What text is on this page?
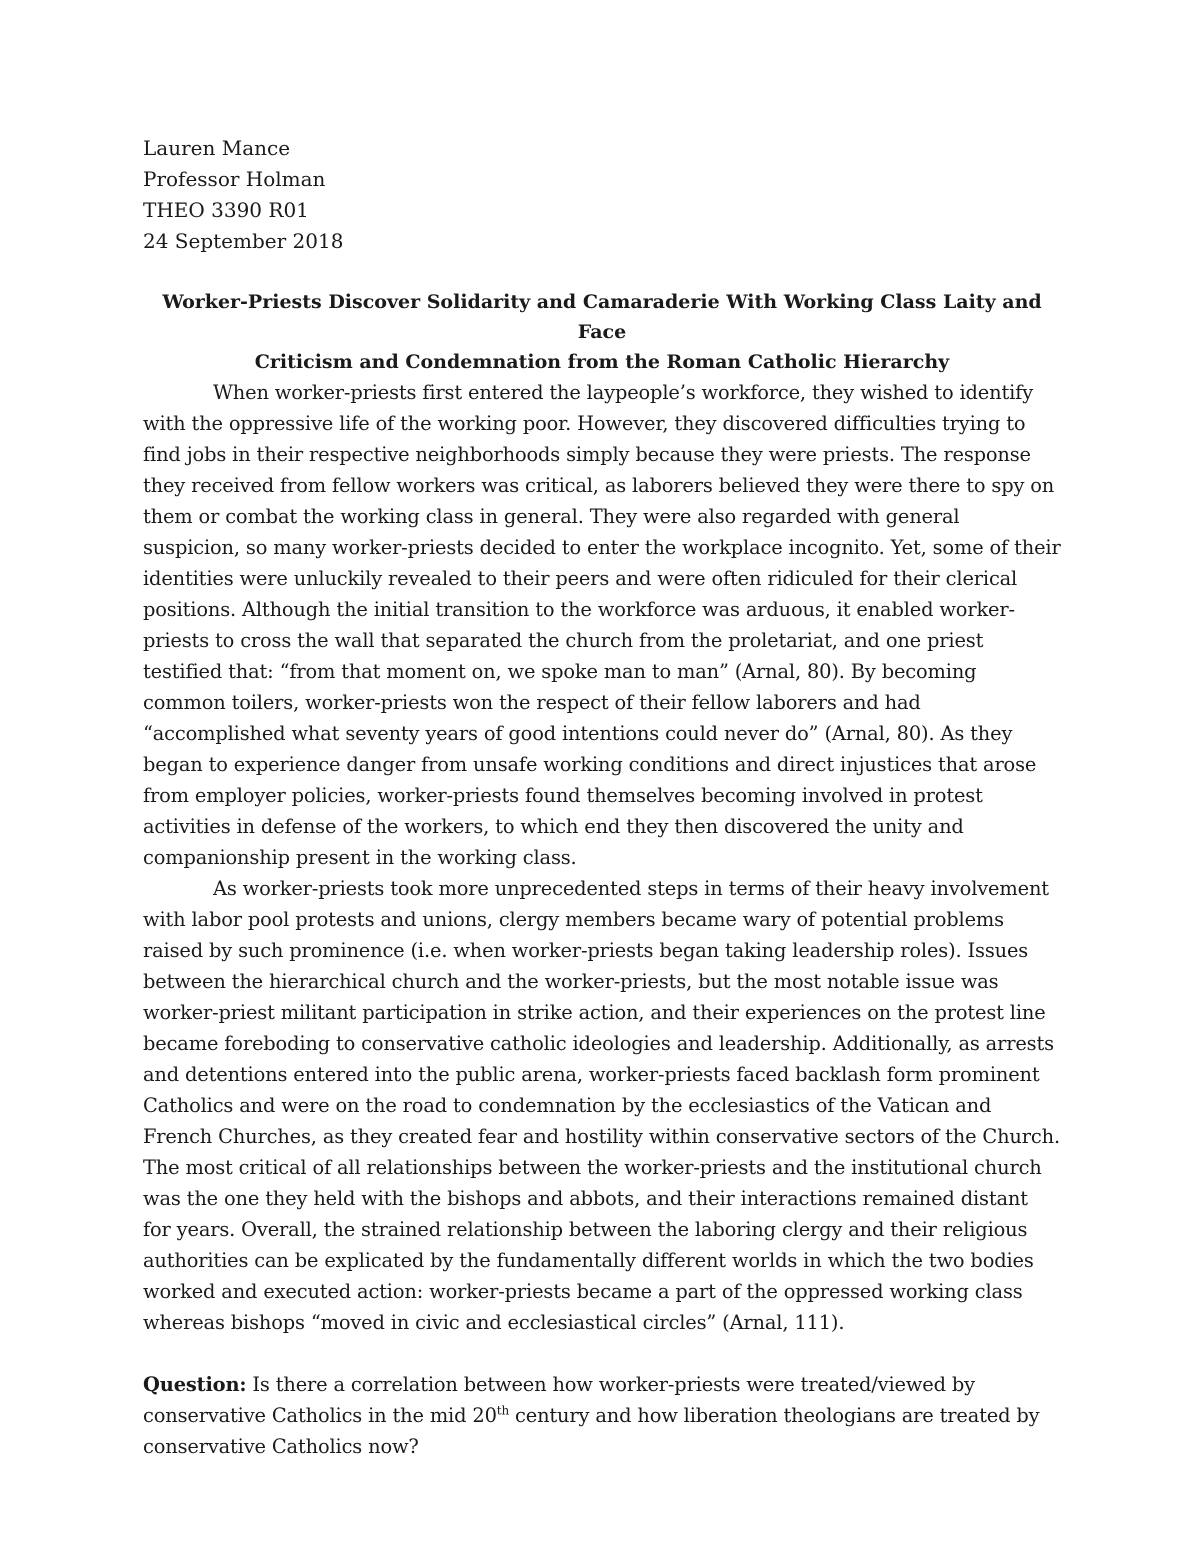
Lauren Mance
Professor Holman
THEO 3390 R01
24 September 2018
Worker-Priests Discover Solidarity and Camaraderie With Working Class Laity and Face
Criticism and Condemnation from the Roman Catholic Hierarchy

When worker-priests first entered the laypeople’s workforce, they wished to identify with the oppressive life of the working poor. However, they discovered difficulties trying to find jobs in their respective neighborhoods simply because they were priests. The response they received from fellow workers was critical, as laborers believed they were there to spy on them or combat the working class in general. They were also regarded with general suspicion, so many worker-priests decided to enter the workplace incognito. Yet, some of their identities were unluckily revealed to their peers and were often ridiculed for their clerical positions. Although the initial transition to the workforce was arduous, it enabled worker-priests to cross the wall that separated the church from the proletariat, and one priest testified that: “from that moment on, we spoke man to man” (Arnal, 80). By becoming common toilers, worker-priests won the respect of their fellow laborers and had “accomplished what seventy years of good intentions could never do” (Arnal, 80). As they began to experience danger from unsafe working conditions and direct injustices that arose from employer policies, worker-priests found themselves becoming involved in protest activities in defense of the workers, to which end they then discovered the unity and companionship present in the working class.

As worker-priests took more unprecedented steps in terms of their heavy involvement with labor pool protests and unions, clergy members became wary of potential problems raised by such prominence (i.e. when worker-priests began taking leadership roles). Issues between the hierarchical church and the worker-priests, but the most notable issue was worker-priest militant participation in strike action, and their experiences on the protest line became foreboding to conservative catholic ideologies and leadership. Additionally, as arrests and detentions entered into the public arena, worker-priests faced backlash form prominent Catholics and were on the road to condemnation by the ecclesiastics of the Vatican and French Churches, as they created fear and hostility within conservative sectors of the Church. The most critical of all relationships between the worker-priests and the institutional church was the one they held with the bishops and abbots, and their interactions remained distant for years. Overall, the strained relationship between the laboring clergy and their religious authorities can be explicated by the fundamentally different worlds in which the two bodies worked and executed action: worker-priests became a part of the oppressed working class whereas bishops “moved in civic and ecclesiastical circles” (Arnal, 111).

Question: Is there a correlation between how worker-priests were treated/viewed by conservative Catholics in the mid 20th century and how liberation theologians are treated by conservative Catholics now?
